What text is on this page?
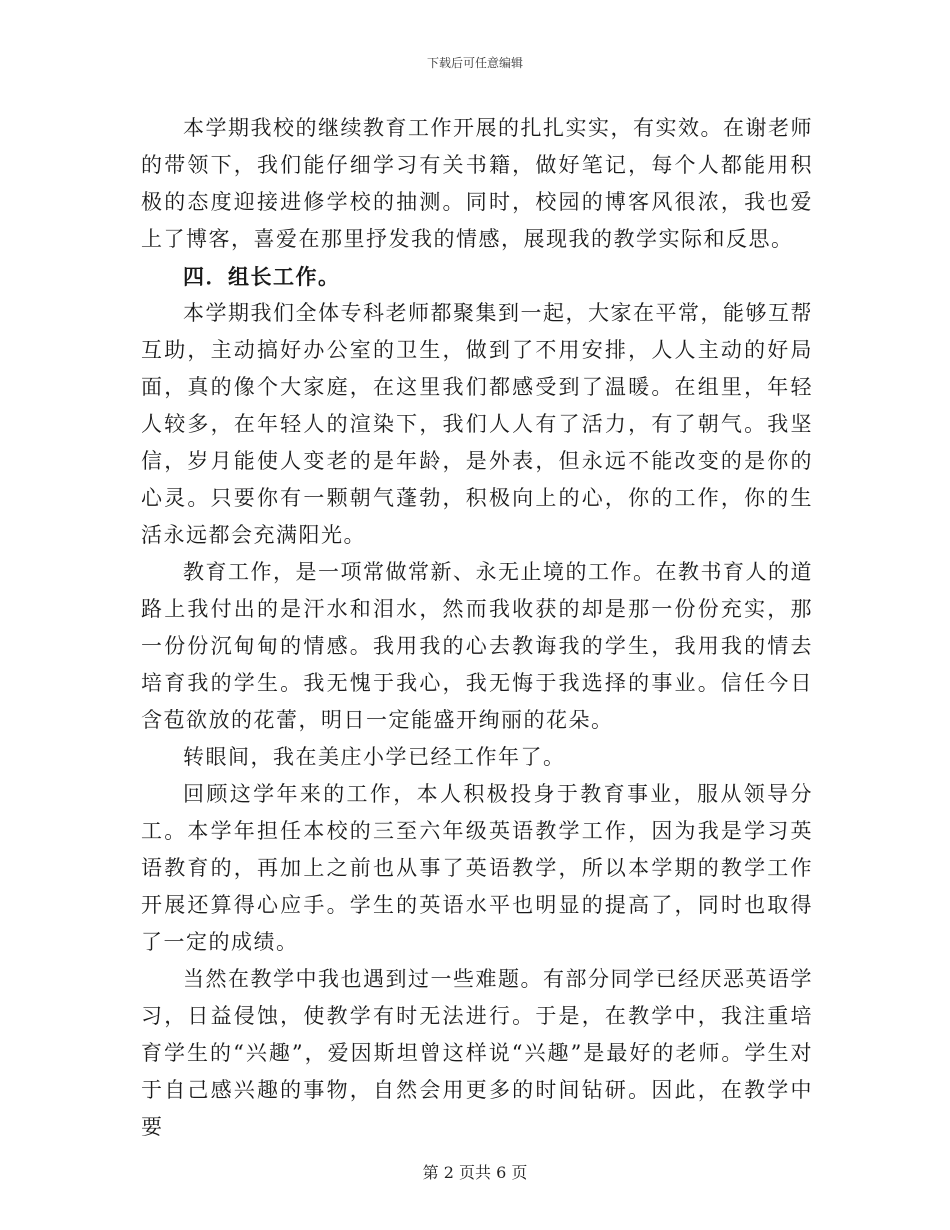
下载后可任意编辑

本学期我校的继续教育工作开展的扎扎实实，有实效。在谢老师的带领下，我们能仔细学习有关书籍，做好笔记，每个人都能用积极的态度迎接进修学校的抽测。同时，校园的博客风很浓，我也爱上了博客，喜爱在那里抒发我的情感，展现我的教学实际和反思。

四．组长工作。

本学期我们全体专科老师都聚集到一起，大家在平常，能够互帮互助，主动搞好办公室的卫生，做到了不用安排，人人主动的好局面，真的像个大家庭，在这里我们都感受到了温暖。在组里，年轻人较多，在年轻人的渲染下，我们人人有了活力，有了朝气。我坚信，岁月能使人变老的是年龄，是外表，但永远不能改变的是你的心灵。只要你有一颗朝气蓬勃，积极向上的心，你的工作，你的生活永远都会充满阳光。

教育工作，是一项常做常新、永无止境的工作。在教书育人的道路上我付出的是汗水和泪水，然而我收获的却是那一份份充实，那一份份沉甸甸的情感。我用我的心去教诲我的学生，我用我的情去培育我的学生。我无愧于我心，我无悔于我选择的事业。信任今日含苞欲放的花蕾，明日一定能盛开绚丽的花朵。

转眼间，我在美庄小学已经工作年了。

回顾这学年来的工作，本人积极投身于教育事业，服从领导分工。本学年担任本校的三至六年级英语教学工作，因为我是学习英语教育的，再加上之前也从事了英语教学，所以本学期的教学工作开展还算得心应手。学生的英语水平也明显的提高了，同时也取得了一定的成绩。

当然在教学中我也遇到过一些难题。有部分同学已经厌恶英语学习，日益侵蚀，使教学有时无法进行。于是，在教学中，我注重培育学生的“兴趣”，爱因斯坦曾这样说“兴趣”是最好的老师。学生对于自己感兴趣的事物，自然会用更多的时间钻研。因此，在教学中要

第 2 页共 6 页
